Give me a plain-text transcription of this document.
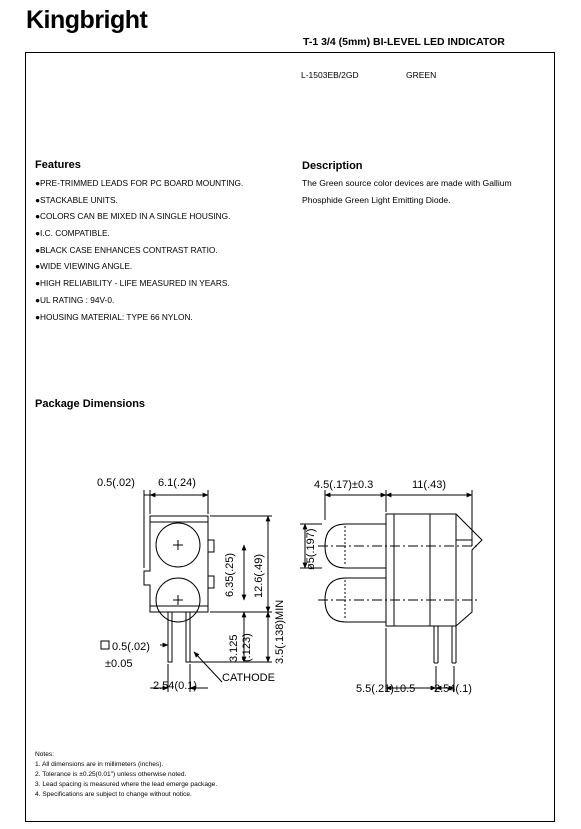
Kingbright
T-1 3/4 (5mm) BI-LEVEL LED INDICATOR
L-1503EB/2GD	GREEN
Features
●PRE-TRIMMED LEADS FOR PC BOARD MOUNTING.
●STACKABLE UNITS.
●COLORS CAN BE MIXED IN A SINGLE HOUSING.
●I.C. COMPATIBLE.
●BLACK CASE ENHANCES CONTRAST RATIO.
●WIDE VIEWING ANGLE.
●HIGH RELIABILITY - LIFE MEASURED IN YEARS.
●UL RATING : 94V-0.
●HOUSING MATERIAL: TYPE 66 NYLON.
Description
The Green source color devices are made with Gallium Phosphide Green Light Emitting Diode.
Package Dimensions
0.5(.02) 6.1(.24)
6.35(.25) 12.6(.49)
3.125 (.123) 3.5(.138)MIN
0.5(.02)
±0.05
2.54(0.1)
CATHODE
4.5(.17)±0.3	11(.43)
ø5(.197)
5.5(.21)±0.5 2.54(.1)
Notes:
1. All dimensions are in millimeters (inches).
2. Tolerance is ±0.25(0.01") unless otherwise noted.
3. Lead spacing is measured where the lead emerge package.
4. Specifications are subject to change without notice.
